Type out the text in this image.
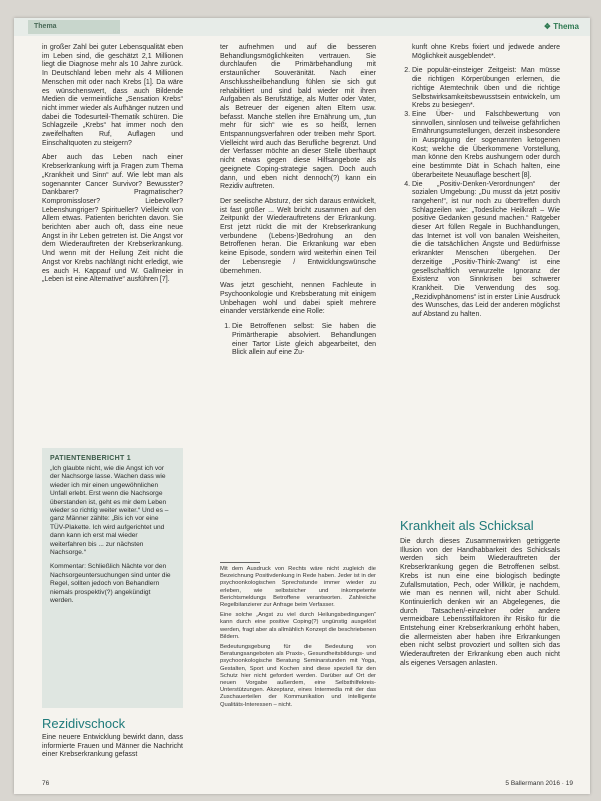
Thema	❖ Thema

in großer Zahl bei guter Lebensqualität eben im Leben sind, die geschätzt 2,1 Millionen liegt die Diagnose mehr als 10 Jahre zurück. In Deutschland leben mehr als 4 Millionen Menschen mit oder nach Krebs [1]. Da wäre es wünschenswert, dass auch Bildende Medien die vermeintliche „Sensation Krebs“ nicht immer wieder als Aufhänger nutzen und dabei die Todesurteil-Thematik schüren. Die Schlagzeile „Krebs“ hat immer noch den zweifelhaften Ruf, Auflagen und Einschaltquoten zu steigern?

Aber auch das Leben nach einer Krebserkrankung wirft ja Fragen zum Thema „Krankheit und Sinn“ auf. Wie lebt man als sogenannter Cancer Survivor? Bewusster? Dankbarer? Pragmatischer? Kompromissloser? Liebevoller? Lebenshungriger? Spiritueller? Vielleicht von Allem etwas. Patienten berichten davon. Sie berichten aber auch oft, dass eine neue Angst in ihr Leben getreten ist. Die Angst vor dem Wiederauftreten der Krebserkrankung. Und wenn mit der Heilung Zeit nicht die Angst vor Krebs nachlängt nicht erledigt, wie es auch H. Kappauf und W. Gallmeier in „Leben ist eine Alternative“ ausführen [7].

PATIENTENBERICHT 1
„Ich glaubte nicht, wie die Angst ich vor der Nachsorge lasse. Wachen dass wie wieder ich mir einen ungewöhnlichen Unfall erlebt. Erst wenn die Nachsorge überstanden ist, geht es mir dem Leben wieder so richtig weiter weiter.“ Und es – ganz Männer zählte: „Bis ich vor eine TÜV-Plakette. Ich wird aufgerichtet und dann kann ich erst mal wieder weiterfahren bis ... zur nächsten Nachsorge.“
Kommentar: Schließlich Nächte vor den Nachsorgeuntersuchungen sind unter die Regel, sollten jedoch von Behandlern niemals prospektiv(?) angekündigt werden.
Rezidivschock
Eine neuere Entwicklung bewirkt dann, dass informierte Frauen und Männer die Nachricht einer Krebserkrankung gefasst

ter aufnehmen und auf die besseren Behandlungsmöglichkeiten vertrauen. Sie durchlaufen die Primärbehandlung mit erstaunlicher Souveränität. Nach einer Anschlussheilbehandlung fühlen sie sich gut rehabilitiert und sind bald wieder mit ihren Aufgaben als Berufstätige, als Mutter oder Vater, als Betreuer der eigenen alten Eltern usw. befasst. Manche stellen ihre Ernährung um, „tun mehr für sich“ wie es so heißt, lernen Entspannungsverfahren oder treiben mehr Sport. Vielleicht wird auch das Berufliche begrenzt. Und der Verfasser möchte an dieser Stelle überhaupt nicht etwas gegen diese Hilfsangebote als geeignete Coping-strategie sagen. Doch auch dann, und eben nicht dennoch(?) kann ein Rezidiv auftreten.

Der seelische Absturz, der sich daraus entwickelt, ist fast größer ... Welt bricht zusammen auf den Zeitpunkt der Wiederauftretens der Erkrankung. Erst jetzt rückt die mit der Krebserkrankung verbundene (Lebens-)Bedrohung an den Betroffenen heran. Die Erkrankung war eben keine Episode, sondern wird weiterhin einen Teil der Lebensregie / Entwicklungswünsche übernehmen.

Was jetzt geschieht, nennen Fachleute in Psychoonkologie und Krebsberatung mit einigem Unbehagen wohl und dabei spielt mehrere einander verstärkende eine Rolle:

1. Die Betroffenen selbst: Sie haben die Primärtherapie absolviert. Behandlungen einer Tartor Liste gleich abgearbeitet, den Blick allein auf eine Zu-

Mit dem Ausdruck von Rechts wäre nicht zugleich die Bezeichnung Positivdenkung in Rede haben. Jeder ist in der psychoonkologischen Sprechstunde immer wieder zu erleben, wie selbstsicher und inkompetente Berichtsmeldungs Betroffene verantworten. Zahlreiche Regelbilanzierer zur Anfrage beim Verfasser.

Eine solche „Angst zu viel durch Heilungsbedingungen“ kann durch eine positive Coping(?) ungünstig ausgelöst werden, fragt aber als allmählich Konzept die beschriebenen Bildern.

Bedeutungsgebung für die Bedeutung von Beratungsangeboten als Praxis-, Gesundheitsbildungs- und psychoonkologische Beratung Seminarstunden mit Yoga, Gestalten, Sport und Kochen sind diese speziell für den Schutz hier nicht gefordert werden. Darüber auf Ort der neuen Vorgabe außerdem, eine Selbsthilfekreis-Unterstützungen. Akzeptanz, eines Intermedia mit der das Zuschauerteilen der Kommunikation und intelligente Qualitäts-Interessen – nicht.

kunft ohne Krebs fixiert und jedwede andere Möglichkeit ausgeblendet*.

2. Die populär-einsteiger Zeitgeist: Man müsse die richtigen Körperübungen erlernen, die richtige Atemtechnik üben und die richtige Selbstwirksamkeitsbewusstsein entwickeln, um Krebs zu besiegen*.
3. Eine Über- und Falschbewertung von sinnvollen, sinnlosen und teilweise gefährlichen Ernährungsumstellungen, derzeit insbesondere in Ausprägung der sogenannten ketogenen Kost; welche die Überkommene Vorstellung, man könne den Krebs aushungern oder durch eine bestimmte Diät in Schach halten, eine überarbeitete Neuauflage beschert [8].
4. Die „Positiv-Denken-Verordnungen“ der sozialen Umgebung: „Du musst da jetzt positiv rangehen!“, ist nur noch zu übertreffen durch Schlagzeilen wie: „Todesliche Heilkraft – Wie positive Gedanken gesund machen.“ Ratgeber dieser Art füllen Regale in Buchhandlungen, das Internet ist voll von banalen Weisheiten, die die tatsächlichen Ängste und Bedürfnisse erkrankter Menschen übergehen. Der derzeitige „Positiv-Think-Zwang“ ist eine gesellschaftlich verwurzelte Ignoranz der Existenz von Sinnkrisen bei schwerer Krankheit. Die Verwendung des sog. „Rezidivphänomens“ ist in erster Linie Ausdruck des Wunsches, das Leid der anderen möglichst auf Abstand zu halten.
Krankheit als Schicksal
Die durch dieses Zusammenwirken getriggerte Illusion von der Handhabbarkeit des Schicksals werden sich beim Wiederauftreten der Krebserkrankung gegen die Betroffenen selbst. Krebs ist nun eine eine biologisch bedingte Zufallsmutation, Pech, oder Willkür, je nachdem, wie man es nennen will, nicht aber Schuld. Kontinuierlich denken wir an Abgelegenes, die durch Tatsachen/-einzelner oder andere vermeidbare Lebensstilfaktoren ihr Risiko für die Entstehung einer Krebserkrankung erhöht haben, die allermeisten aber haben ihre Erkrankungen eben nicht selbst provoziert und sollten sich das Wiederauftreten der Erkrankung eben auch nicht als eigenes Versagen anlasten.
76	5 Ballermann 2016 · 19
